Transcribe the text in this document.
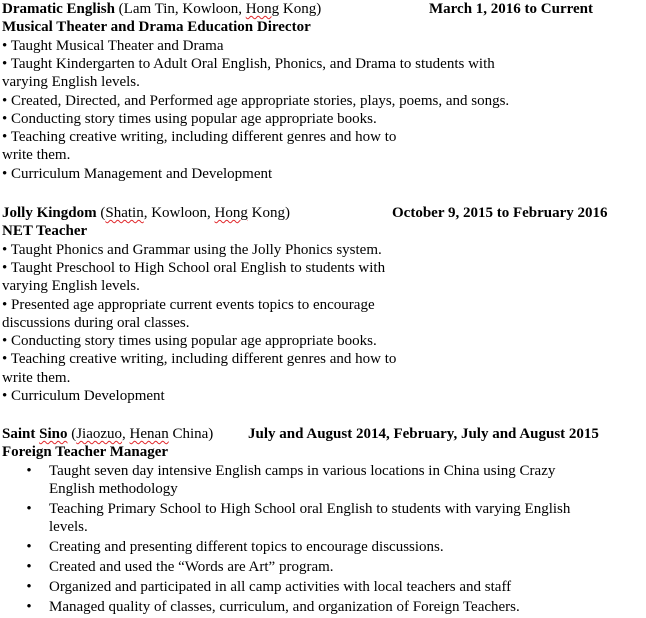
Dramatic English (Lam Tin, Kowloon, Hong Kong)	March 1, 2016 to Current
Musical Theater and Drama Education Director
• Taught Musical Theater and Drama
• Taught Kindergarten to Adult Oral English, Phonics, and Drama to students with
varying English levels.
• Created, Directed, and Performed age appropriate stories, plays, poems, and songs.
• Conducting story times using popular age appropriate books.
• Teaching creative writing, including different genres and how to
write them.
• Curriculum Management and Development
Jolly Kingdom (Shatin, Kowloon, Hong Kong)	October 9, 2015 to February 2016
NET Teacher
• Taught Phonics and Grammar using the Jolly Phonics system.
• Taught Preschool to High School oral English to students with
varying English levels.
• Presented age appropriate current events topics to encourage
discussions during oral classes.
• Conducting story times using popular age appropriate books.
• Teaching creative writing, including different genres and how to
write them.
• Curriculum Development
Saint Sino (Jiaozuo, Henan China) July and August 2014, February, July and August 2015
Foreign Teacher Manager
• Taught seven day intensive English camps in various locations in China using Crazy
English methodology
• Teaching Primary School to High School oral English to students with varying English
levels.
• Creating and presenting different topics to encourage discussions.
• Created and used the “Words are Art” program.
• Organized and participated in all camp activities with local teachers and staff
• Managed quality of classes, curriculum, and organization of Foreign Teachers.
